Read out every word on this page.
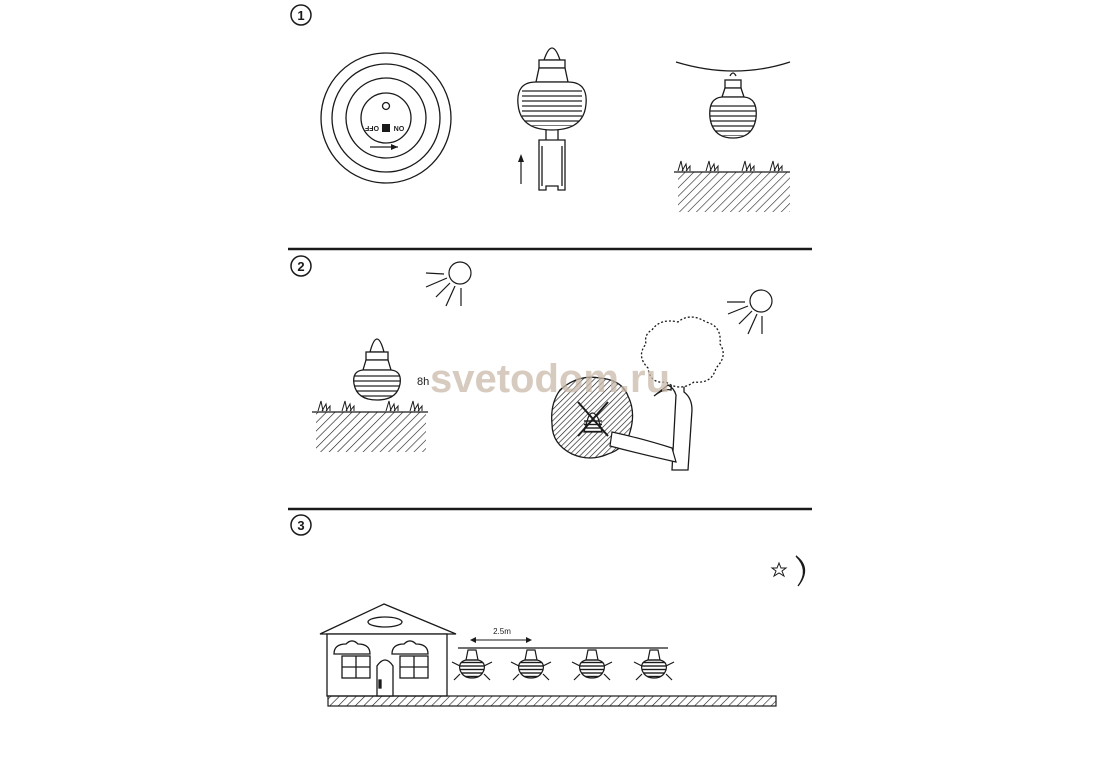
1
OFF ON
2
8h svetodom.ru
3
2.5m
